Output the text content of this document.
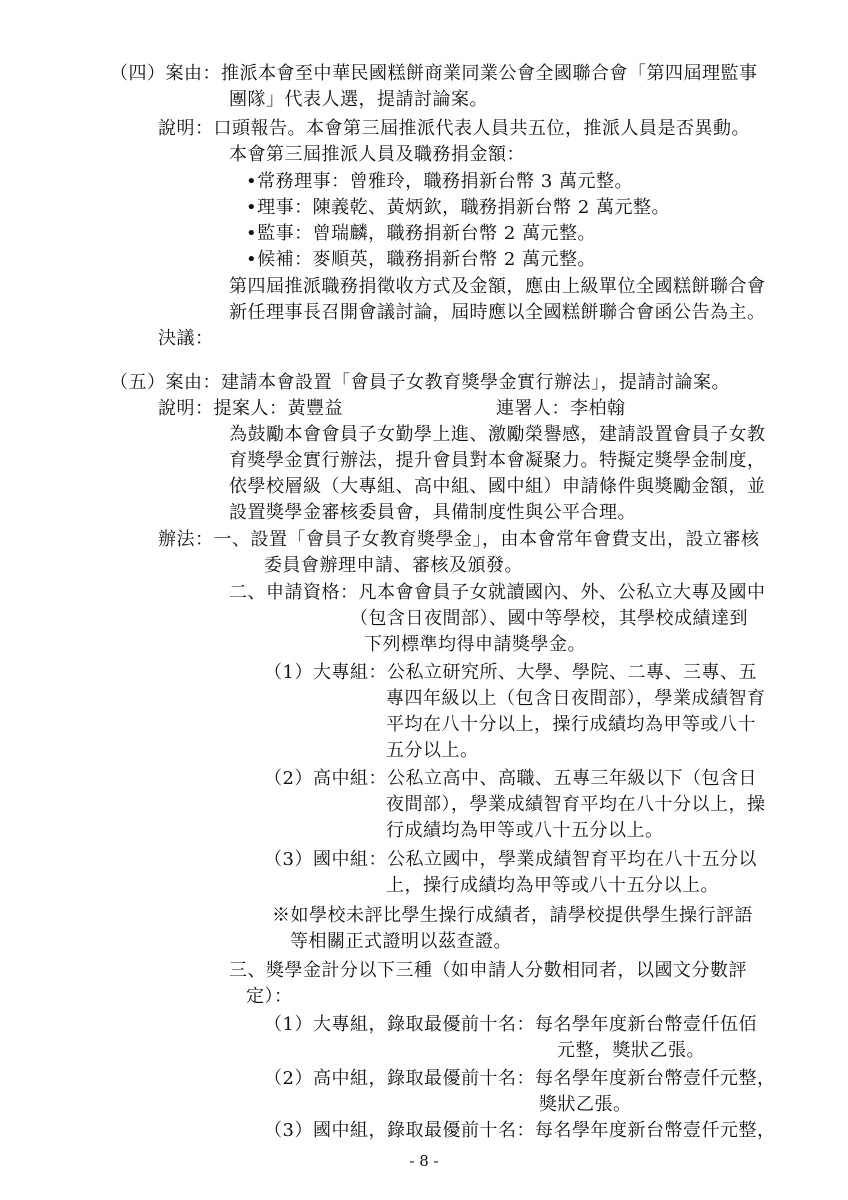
（四）案由：推派本會至中華民國糕餅商業同業公會全國聯合會「第四屆理監事
團隊」代表人選，提請討論案。
說明：口頭報告。本會第三屆推派代表人員共五位，推派人員是否異動。
本會第三屆推派人員及職務捐金額：
•常務理事：曾雅玲，職務捐新台幣 3 萬元整。
•理事：陳義乾、黃炳欽，職務捐新台幣 2 萬元整。
•監事：曾瑞麟，職務捐新台幣 2 萬元整。
•候補：麥順英，職務捐新台幣 2 萬元整。
第四屆推派職務捐徵收方式及金額，應由上級單位全國糕餅聯合會
新任理事長召開會議討論，屆時應以全國糕餅聯合會函公告為主。
決議：
（五）案由：建請本會設置「會員子女教育獎學金實行辦法」，提請討論案。
說明：提案人：黃豐益	連署人：李柏翰
為鼓勵本會會員子女勤學上進、激勵榮譽感，建請設置會員子女教
育獎學金實行辦法，提升會員對本會凝聚力。特擬定獎學金制度，
依學校層級（大專組、高中組、國中組）申請條件與獎勵金額，並
設置獎學金審核委員會，具備制度性與公平合理。
辦法：一、設置「會員子女教育獎學金」，由本會常年會費支出，設立審核
委員會辦理申請、審核及頒發。
二、申請資格：凡本會會員子女就讀國內、外、公私立大專及國中
（包含日夜間部）、國中等學校，其學校成績達到
下列標準均得申請獎學金。
（1）大專組：公私立研究所、大學、學院、二專、三專、五
專四年級以上（包含日夜間部），學業成績智育
平均在八十分以上，操行成績均為甲等或八十
五分以上。
（2）高中組：公私立高中、高職、五專三年級以下（包含日
夜間部），學業成績智育平均在八十分以上，操
行成績均為甲等或八十五分以上。
（3）國中組：公私立國中，學業成績智育平均在八十五分以
上，操行成績均為甲等或八十五分以上。
※如學校未評比學生操行成績者，請學校提供學生操行評語
等相關正式證明以茲查證。
三、獎學金計分以下三種（如申請人分數相同者，以國文分數評
定）：
（1）大專組，錄取最優前十名：每名學年度新台幣壹仟伍佰
元整，獎狀乙張。
（2）高中組，錄取最優前十名：每名學年度新台幣壹仟元整，
獎狀乙張。
（3）國中組，錄取最優前十名：每名學年度新台幣壹仟元整，
- 8 -
